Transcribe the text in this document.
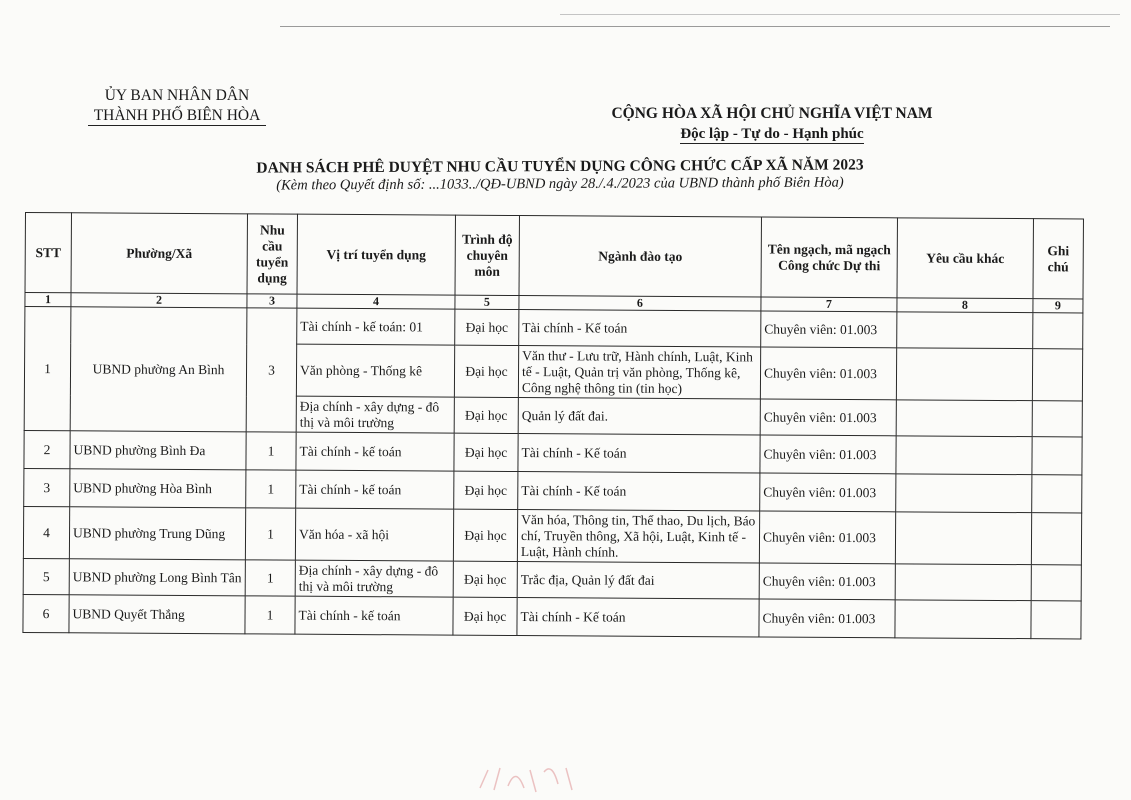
ỦY BAN NHÂN DÂN
THÀNH PHỐ BIÊN HÒA	CỘNG HÒA XÃ HỘI CHỦ NGHĨA VIỆT NAM
Độc lập - Tự do - Hạnh phúc
DANH SÁCH PHÊ DUYỆT NHU CẦU TUYỂN DỤNG CÔNG CHỨC CẤP XÃ NĂM 2023
(Kèm theo Quyết định số: ...1033../QĐ-UBND ngày 28./.4./2023 của UBND thành phố Biên Hòa)
STT	Phường/Xã	Nhu cầu tuyển dụng	Vị trí tuyển dụng	Trình độ chuyên môn	Ngành đào tạo	Tên ngạch, mã ngạch Công chức Dự thi	Yêu cầu khác	Ghi chú
1	2	3	4	5	6	7	8	9
1	UBND phường An Bình	3	Tài chính - kế toán: 01	Đại học	Tài chính - Kế toán	Chuyên viên: 01.003		
			Văn phòng - Thống kê	Đại học	Văn thư - Lưu trữ, Hành chính, Luật, Kinh tế - Luật, Quản trị văn phòng, Thống kê, Công nghệ thông tin (tin học)	Chuyên viên: 01.003		
			Địa chính - xây dựng - đô thị và môi trường	Đại học	Quản lý đất đai.	Chuyên viên: 01.003		
2	UBND phường Bình Đa	1	Tài chính - kế toán	Đại học	Tài chính - Kế toán	Chuyên viên: 01.003		
3	UBND phường Hòa Bình	1	Tài chính - kế toán	Đại học	Tài chính - Kế toán	Chuyên viên: 01.003		
4	UBND phường Trung Dũng	1	Văn hóa - xã hội	Đại học	Văn hóa, Thông tin, Thể thao, Du lịch, Báo chí, Truyền thông, Xã hội, Luật, Kinh tế - Luật, Hành chính.	Chuyên viên: 01.003		
5	UBND phường Long Bình Tân	1	Địa chính - xây dựng - đô thị và môi trường	Đại học	Trắc địa, Quản lý đất đai	Chuyên viên: 01.003		
6	UBND Quyết Thắng	1	Tài chính - kế toán	Đại học	Tài chính - Kế toán	Chuyên viên: 01.003		
